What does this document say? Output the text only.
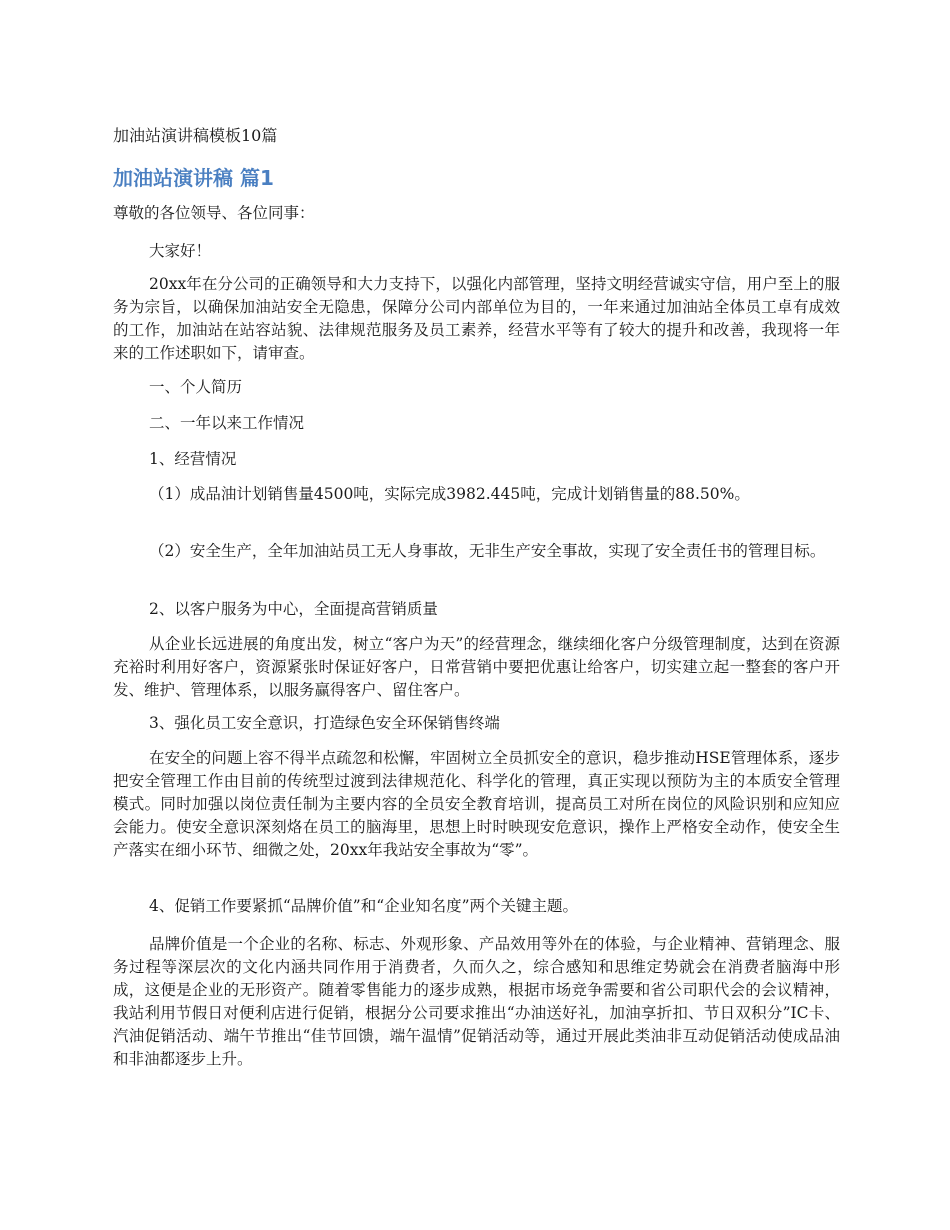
加油站演讲稿模板10篇
加油站演讲稿 篇1

尊敬的各位领导、各位同事：

大家好！

20xx年在分公司的正确领导和大力支持下，以强化内部管理，坚持文明经营诚实守信，用户至上的服务为宗旨，以确保加油站安全无隐患，保障分公司内部单位为目的，一年来通过加油站全体员工卓有成效的工作，加油站在站容站貌、法律规范服务及员工素养，经营水平等有了较大的提升和改善，我现将一年来的工作述职如下，请审查。

一、个人简历

二、一年以来工作情况

1、经营情况

（1）成品油计划销售量4500吨，实际完成3982.445吨，完成计划销售量的88.50%。

（2）安全生产，全年加油站员工无人身事故，无非生产安全事故，实现了安全责任书的管理目标。

2、以客户服务为中心，全面提高营销质量

从企业长远进展的角度出发，树立“客户为天”的经营理念，继续细化客户分级管理制度，达到在资源充裕时利用好客户，资源紧张时保证好客户，日常营销中要把优惠让给客户，切实建立起一整套的客户开发、维护、管理体系，以服务赢得客户、留住客户。

3、强化员工安全意识，打造绿色安全环保销售终端

在安全的问题上容不得半点疏忽和松懈，牢固树立全员抓安全的意识，稳步推动HSE管理体系，逐步把安全管理工作由目前的传统型过渡到法律规范化、科学化的管理，真正实现以预防为主的本质安全管理模式。同时加强以岗位责任制为主要内容的全员安全教育培训，提高员工对所在岗位的风险识别和应知应会能力。使安全意识深刻烙在员工的脑海里，思想上时时映现安危意识，操作上严格安全动作，使安全生产落实在细小环节、细微之处，20xx年我站安全事故为“零”。

4、促销工作要紧抓“品牌价值”和“企业知名度”两个关键主题。

品牌价值是一个企业的名称、标志、外观形象、产品效用等外在的体验，与企业精神、营销理念、服务过程等深层次的文化内涵共同作用于消费者，久而久之，综合感知和思维定势就会在消费者脑海中形成，这便是企业的无形资产。随着零售能力的逐步成熟，根据市场竞争需要和省公司职代会的会议精神，我站利用节假日对便利店进行促销，根据分公司要求推出“办油送好礼，加油享折扣、节日双积分”IC卡、汽油促销活动、端午节推出“佳节回馈，端午温情”促销活动等，通过开展此类油非互动促销活动使成品油和非油都逐步上升。
